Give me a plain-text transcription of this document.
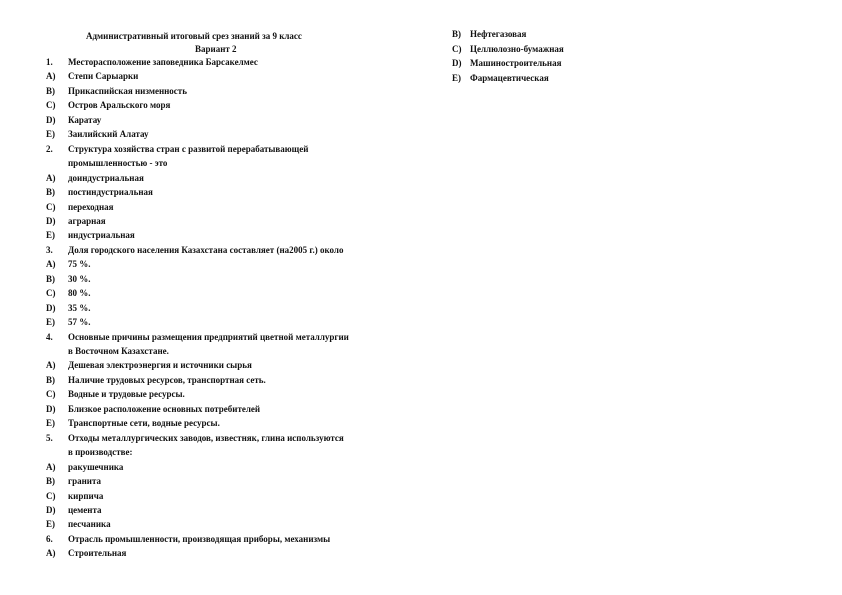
Административный итоговый срез знаний за 9 класс
Вариант 2
1. Месторасположение заповедника Барсакелмес
А) Степи Сарыарки
В) Прикаспийская низменность
С) Остров Аральского моря
D) Каратау
Е) Заилийский Алатау
2. Структура хозяйства стран с развитой перерабатывающей
промышленностью - это
А) доиндустриальная
В) постиндустриальная
С) переходная
D) аграрная
Е) индустриальная
3. Доля городского населения Казахстана составляет (на2005 г.) около
А) 75 %.
В) 30 %.
С) 80 %.
D) 35 %.
Е) 57 %.
4. Основные причины размещения предприятий цветной металлургии
в Восточном Казахстане.
А) Дешевая электроэнергия и источники сырья
В) Наличие трудовых ресурсов, транспортная сеть.
С) Водные и трудовые ресурсы.
D) Близкое расположение основных потребителей
Е) Транспортные сети, водные ресурсы.
5. Отходы металлургических заводов, известняк, глина используются
в производстве:
А) ракушечника
В) гранита
С) кирпича
D) цемента
Е) песчаника
6. Отрасль промышленности, производящая приборы, механизмы
А) Строительная
В) Нефтегазовая
С) Целлюлозно-бумажная
D) Машиностроительная
Е) Фармацевтическая
